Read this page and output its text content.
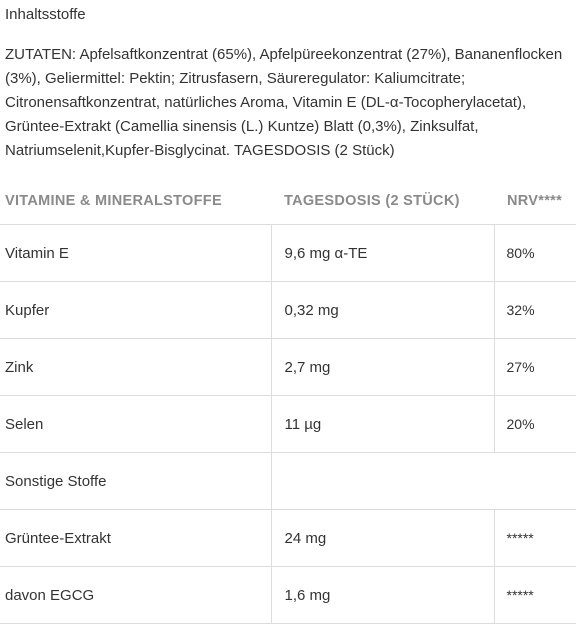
Inhaltsstoffe
ZUTATEN: Apfelsaftkonzentrat (65%), Apfelpüreekonzentrat (27%), Bananenflocken (3%), Geliermittel: Pektin; Zitrusfasern, Säureregulator: Kaliumcitrate; Citronensaftkonzentrat, natürliches Aroma, Vitamin E (DL-α-Tocopherylacetat), Grüntee-Extrakt (Camellia sinensis (L.) Kuntze) Blatt (0,3%), Zinksulfat, Natriumselenit,Kupfer-Bisglycinat. TAGESDOSIS (2 Stück)
VITAMINE & MINERALSTOFFE	TAGESDOSIS (2 STÜCK)	NRV****
Vitamin E	9,6 mg α-TE	80%
Kupfer	0,32 mg	32%
Zink	2,7 mg	27%
Selen	11 µg	20%
Sonstige Stoffe		
Grüntee-Extrakt	24 mg	*****
davon EGCG	1,6 mg	*****
